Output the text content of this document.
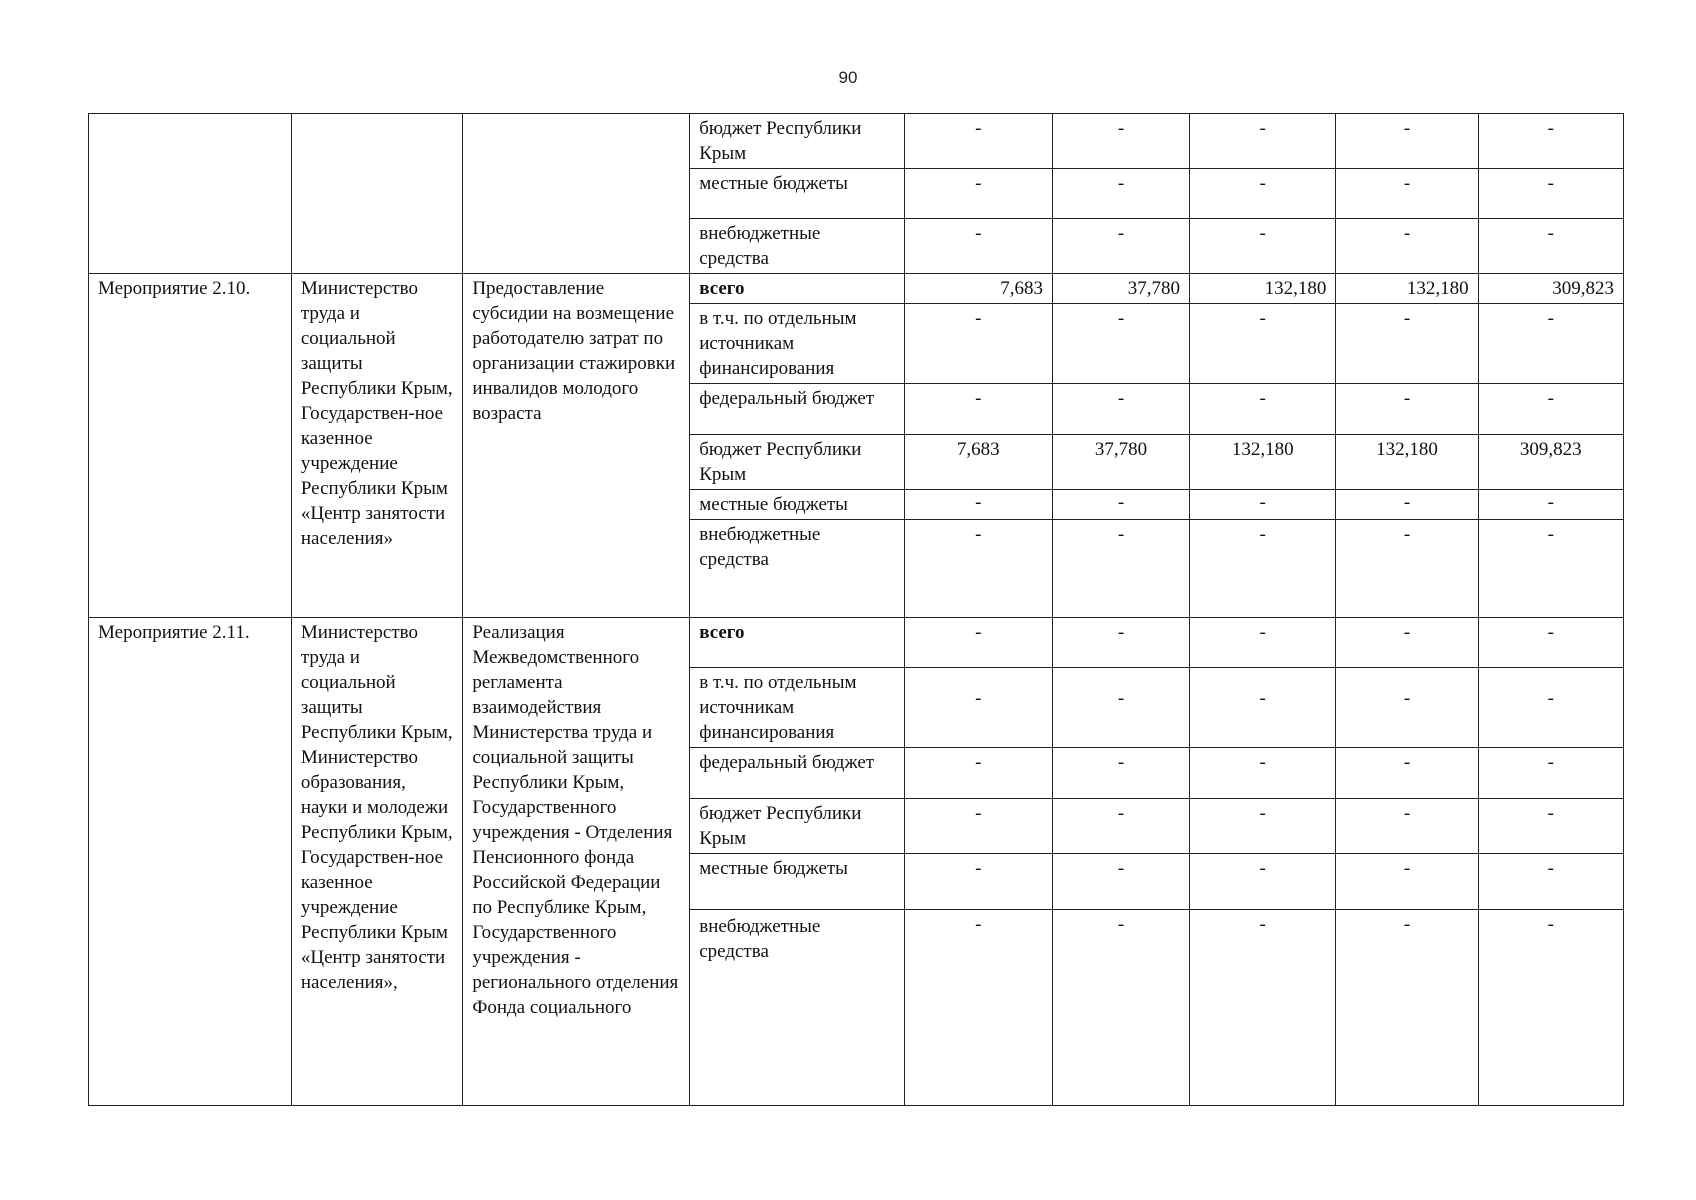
90
			бюджет Республики Крым	-	-	-	-	-
			местные бюджеты	-	-	-	-	-
			внебюджетные средства	-	-	-	-	-
Мероприятие 2.10.	Министерство труда и социальной защиты Республики Крым, Государствен-ное казенное учреждение Республики Крым «Центр занятости населения»	Предоставление субсидии на возмещение работодателю затрат по организации стажировки инвалидов молодого возраста	всего	7,683	37,780	132,180	132,180	309,823
			в т.ч. по отдельным источникам финансирования	-	-	-	-	-
			федеральный бюджет	-	-	-	-	-
			бюджет Республики Крым	7,683	37,780	132,180	132,180	309,823
			местные бюджеты	-	-	-	-	-
			внебюджетные средства	-	-	-	-	-
Мероприятие 2.11.	Министерство труда и социальной защиты Республики Крым, Министерство образования, науки и молодежи Республики Крым, Государствен-ное казенное учреждение Республики Крым «Центр занятости населения»,	Реализация Межведомственного регламента взаимодействия Министерства труда и социальной защиты Республики Крым, Государственного учреждения - Отделения Пенсионного фонда Российской Федерации по Республике Крым, Государственного учреждения - регионального отделения Фонда социального	всего	-	-	-	-	-
			в т.ч. по отдельным источникам финансирования	-	-	-	-	-
			федеральный бюджет	-	-	-	-	-
			бюджет Республики Крым	-	-	-	-	-
			местные бюджеты	-	-	-	-	-
			внебюджетные средства	-	-	-	-	-
